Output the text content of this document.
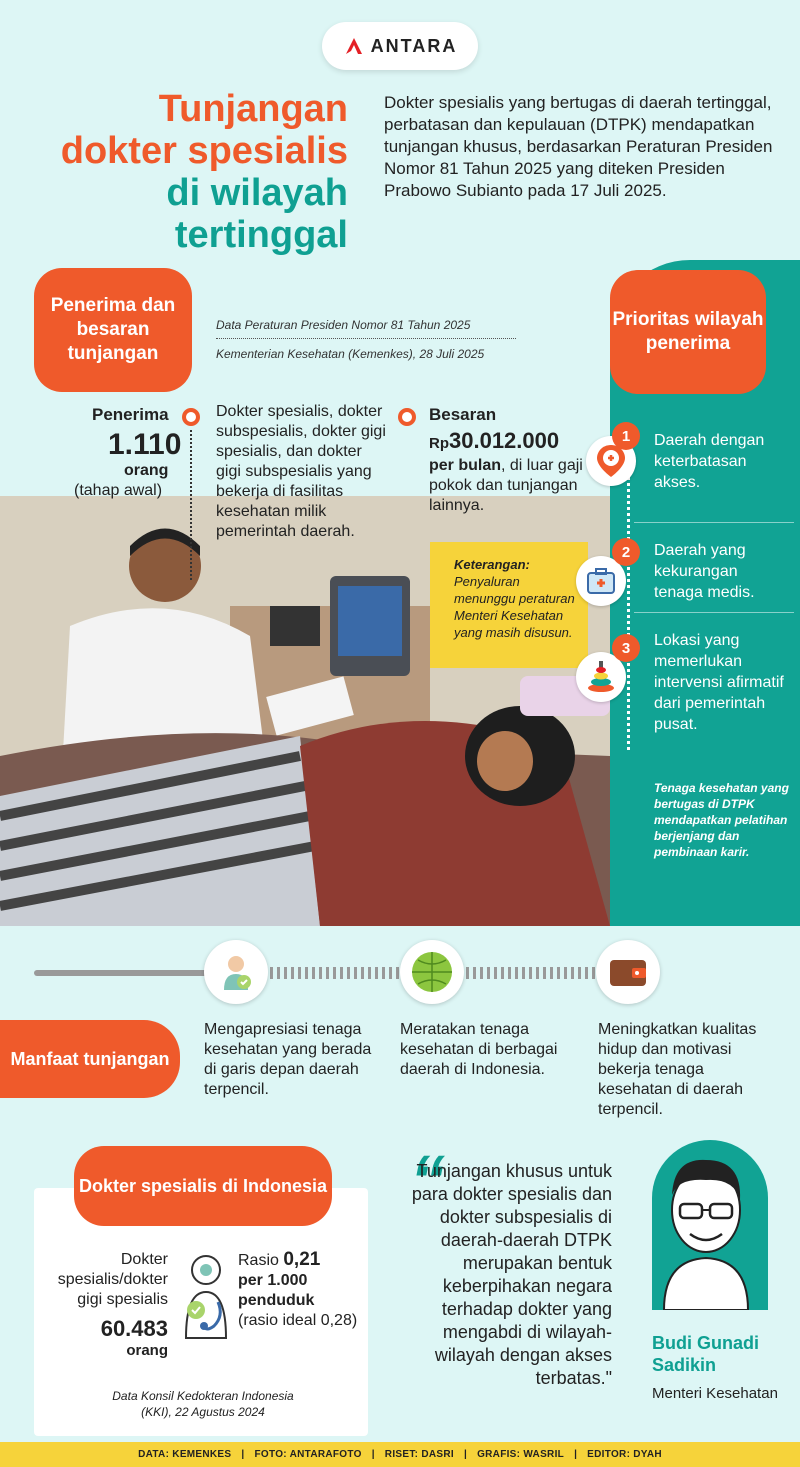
ANTARA
Tunjangan
dokter spesialis
di wilayah
tertinggal
Dokter spesialis yang bertugas di daerah tertinggal, perbatasan dan kepulauan (DTPK) mendapatkan tunjangan khusus, berdasarkan Peraturan Presiden Nomor 81 Tahun 2025 yang diteken Presiden Prabowo Subianto pada 17 Juli 2025.
Penerima dan besaran tunjangan
Data Peraturan Presiden Nomor 81 Tahun 2025
Kementerian Kesehatan (Kemenkes), 28 Juli 2025
Prioritas wilayah penerima
Penerima
1.110
orang
(tahap awal)
Dokter spesialis, dokter subspesialis, dokter gigi spesialis, dan dokter gigi subspesialis yang bekerja di fasilitas kesehatan milik pemerintah daerah.
Besaran
Rp30.012.000
per bulan, di luar gaji pokok dan tunjangan lainnya.
Keterangan:
Penyaluran menunggu peraturan Menteri Kesehatan yang masih disusun.
1	Daerah dengan keterbatasan akses.
2	Daerah yang kekurangan tenaga medis.
3	Lokasi yang memerlukan intervensi afirmatif dari pemerintah pusat.
Tenaga kesehatan yang bertugas di DTPK mendapatkan pelatihan berjenjang dan pembinaan karir.
Manfaat tunjangan
Mengapresiasi tenaga kesehatan yang berada di garis depan daerah terpencil.
Meratakan tenaga kesehatan di berbagai daerah di Indonesia.
Meningkatkan kualitas hidup dan motivasi bekerja tenaga kesehatan di daerah terpencil.
Dokter spesialis di Indonesia
Dokter spesialis/dokter gigi spesialis
60.483
orang
Rasio 0,21
per 1.000 penduduk
(rasio ideal 0,28)
Data Konsil Kedokteran Indonesia (KKI), 22 Agustus 2024
“
Tunjangan khusus untuk para dokter spesialis dan dokter subspesialis di daerah-daerah DTPK merupakan bentuk keberpihakan negara terhadap dokter yang mengabdi di wilayah-wilayah dengan akses terbatas."
Budi Gunadi Sadikin
Menteri Kesehatan
DATA: KEMENKES | FOTO: ANTARAFOTO | RISET: DASRI | GRAFIS: WASRIL | EDITOR: DYAH
